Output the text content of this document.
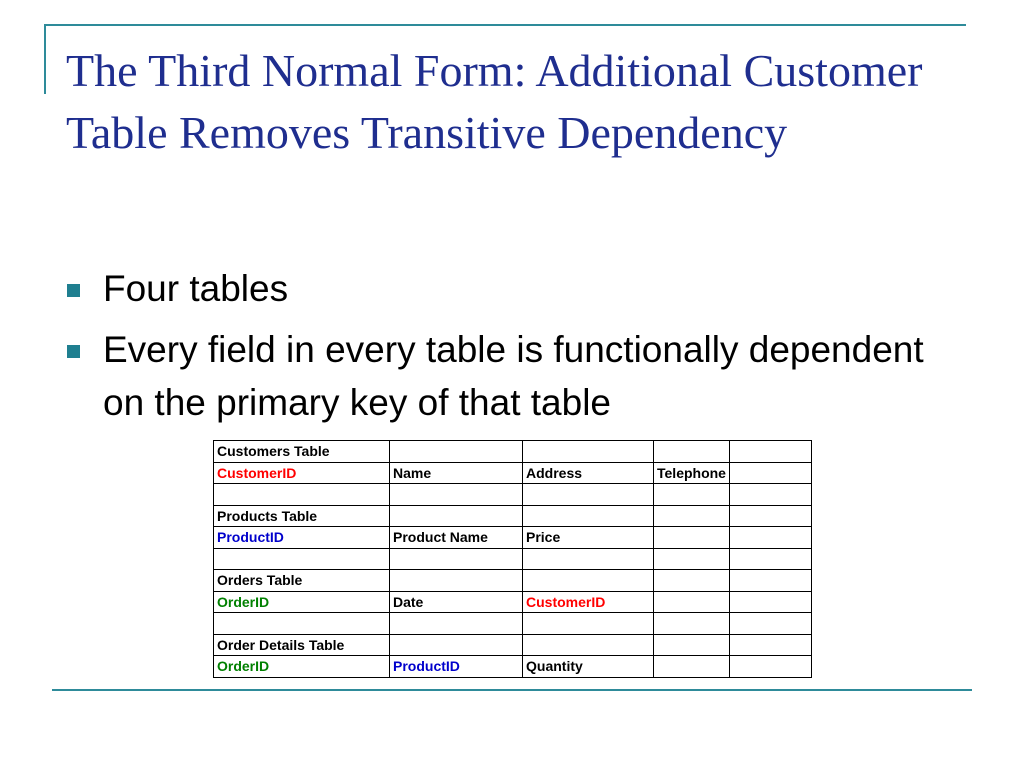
The Third Normal Form: Additional Customer Table Removes Transitive Dependency
Four tables
Every field in every table is functionally dependent on the primary key of that table
Customers Table				
CustomerID	Name	Address	Telephone	

Products Table				
ProductID	Product Name	Price		

Orders Table				
OrderID	Date	CustomerID		

Order Details Table				
OrderID	ProductID	Quantity		
